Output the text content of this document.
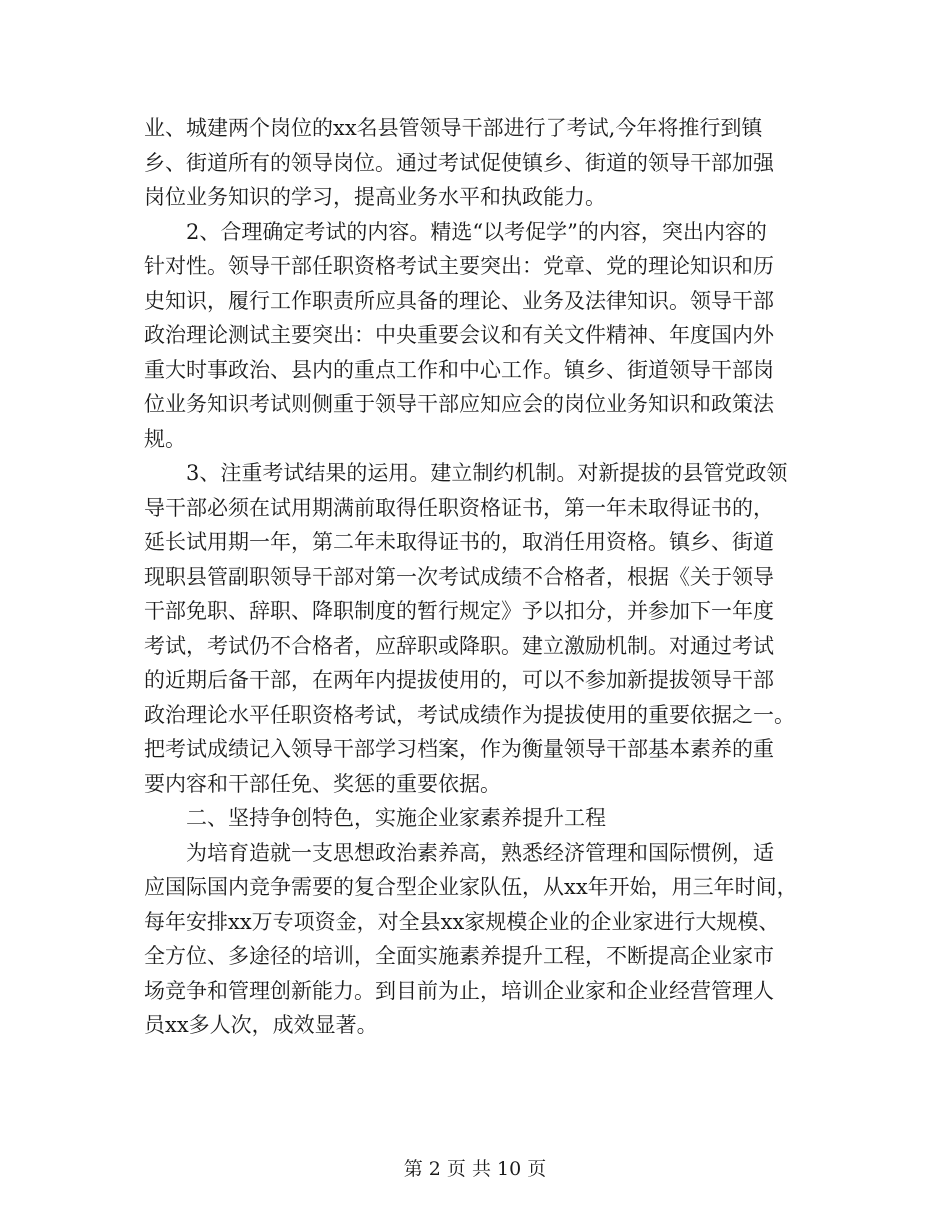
业、城建两个岗位的xx名县管领导干部进行了考试,今年将推行到镇
乡、街道所有的领导岗位。通过考试促使镇乡、街道的领导干部加强
岗位业务知识的学习，提高业务水平和执政能力。
2、合理确定考试的内容。精选“以考促学”的内容，突出内容的
针对性。领导干部任职资格考试主要突出：党章、党的理论知识和历
史知识，履行工作职责所应具备的理论、业务及法律知识。领导干部
政治理论测试主要突出：中央重要会议和有关文件精神、年度国内外
重大时事政治、县内的重点工作和中心工作。镇乡、街道领导干部岗
位业务知识考试则侧重于领导干部应知应会的岗位业务知识和政策法
规。
3、注重考试结果的运用。建立制约机制。对新提拔的县管党政领
导干部必须在试用期满前取得任职资格证书，第一年未取得证书的，
延长试用期一年，第二年未取得证书的，取消任用资格。镇乡、街道
现职县管副职领导干部对第一次考试成绩不合格者，根据《关于领导
干部免职、辞职、降职制度的暂行规定》予以扣分，并参加下一年度
考试，考试仍不合格者，应辞职或降职。建立激励机制。对通过考试
的近期后备干部，在两年内提拔使用的，可以不参加新提拔领导干部
政治理论水平任职资格考试，考试成绩作为提拔使用的重要依据之一。
把考试成绩记入领导干部学习档案，作为衡量领导干部基本素养的重
要内容和干部任免、奖惩的重要依据。
二、坚持争创特色，实施企业家素养提升工程
为培育造就一支思想政治素养高，熟悉经济管理和国际惯例，适
应国际国内竞争需要的复合型企业家队伍，从xx年开始，用三年时间，
每年安排xx万专项资金，对全县xx家规模企业的企业家进行大规模、
全方位、多途径的培训，全面实施素养提升工程，不断提高企业家市
场竞争和管理创新能力。到目前为止，培训企业家和企业经营管理人
员xx多人次，成效显著。
第 2 页 共 10 页
